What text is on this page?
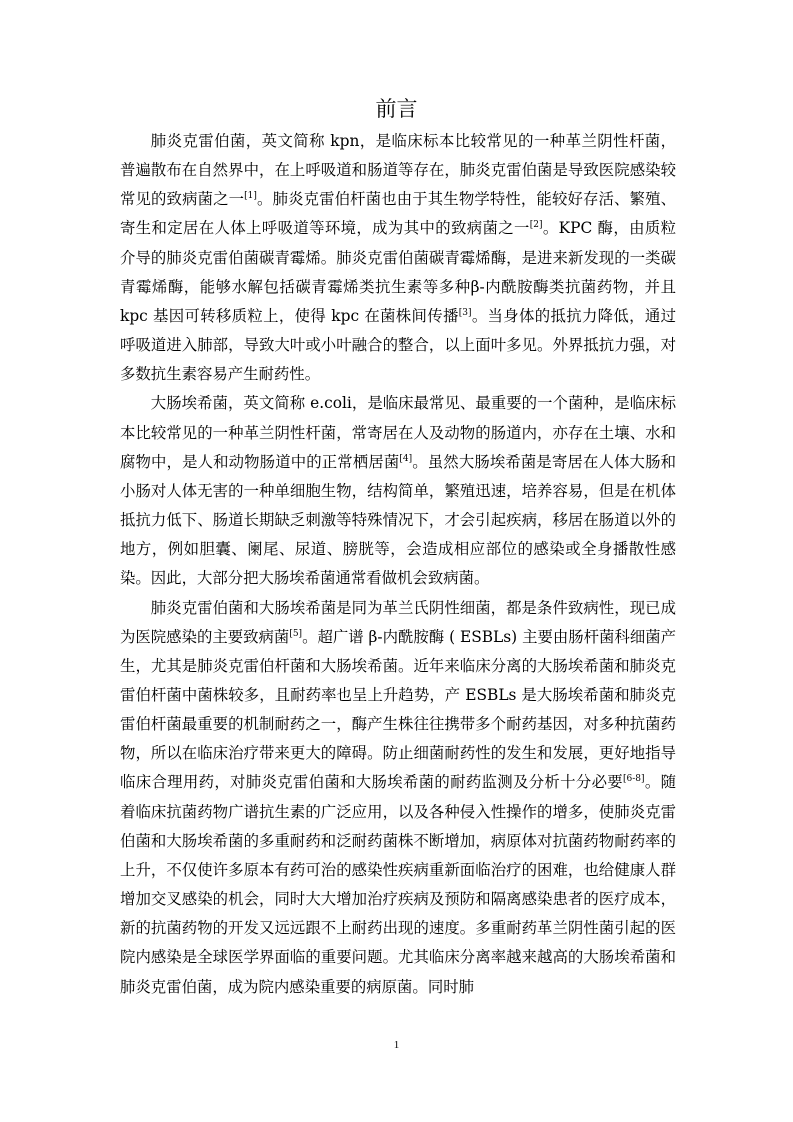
前言

肺炎克雷伯菌，英文简称 kpn，是临床标本比较常见的一种革兰阴性杆菌，普遍散布在自然界中，在上呼吸道和肠道等存在，肺炎克雷伯菌是导致医院感染较常见的致病菌之一[1]。肺炎克雷伯杆菌也由于其生物学特性，能较好存活、繁殖、寄生和定居在人体上呼吸道等环境，成为其中的致病菌之一[2]。KPC 酶，由质粒介导的肺炎克雷伯菌碳青霉烯。肺炎克雷伯菌碳青霉烯酶，是进来新发现的一类碳青霉烯酶，能够水解包括碳青霉烯类抗生素等多种β-内酰胺酶类抗菌药物，并且 kpc 基因可转移质粒上，使得 kpc 在菌株间传播[3]。当身体的抵抗力降低，通过呼吸道进入肺部，导致大叶或小叶融合的整合，以上面叶多见。外界抵抗力强，对多数抗生素容易产生耐药性。

大肠埃希菌，英文简称 e.coli，是临床最常见、最重要的一个菌种，是临床标本比较常见的一种革兰阴性杆菌，常寄居在人及动物的肠道内，亦存在土壤、水和腐物中，是人和动物肠道中的正常栖居菌[4]。虽然大肠埃希菌是寄居在人体大肠和小肠对人体无害的一种单细胞生物，结构简单，繁殖迅速，培养容易，但是在机体抵抗力低下、肠道长期缺乏刺激等特殊情况下，才会引起疾病，移居在肠道以外的地方，例如胆囊、阑尾、尿道、膀胱等，会造成相应部位的感染或全身播散性感染。因此，大部分把大肠埃希菌通常看做机会致病菌。

肺炎克雷伯菌和大肠埃希菌是同为革兰氏阴性细菌，都是条件致病性，现已成为医院感染的主要致病菌[5]。超广谱 β-内酰胺酶 ( ESBLs) 主要由肠杆菌科细菌产生，尤其是肺炎克雷伯杆菌和大肠埃希菌。近年来临床分离的大肠埃希菌和肺炎克雷伯杆菌中菌株较多，且耐药率也呈上升趋势，产 ESBLs 是大肠埃希菌和肺炎克雷伯杆菌最重要的机制耐药之一，酶产生株往往携带多个耐药基因，对多种抗菌药物，所以在临床治疗带来更大的障碍。防止细菌耐药性的发生和发展，更好地指导临床合理用药，对肺炎克雷伯菌和大肠埃希菌的耐药监测及分析十分必要[6-8]。随着临床抗菌药物广谱抗生素的广泛应用，以及各种侵入性操作的增多，使肺炎克雷伯菌和大肠埃希菌的多重耐药和泛耐药菌株不断增加，病原体对抗菌药物耐药率的上升，不仅使许多原本有药可治的感染性疾病重新面临治疗的困难，也给健康人群增加交叉感染的机会，同时大大增加治疗疾病及预防和隔离感染患者的医疗成本，新的抗菌药物的开发又远远跟不上耐药出现的速度。多重耐药革兰阴性菌引起的医院内感染是全球医学界面临的重要问题。尤其临床分离率越来越高的大肠埃希菌和肺炎克雷伯菌，成为院内感染重要的病原菌。同时肺

1
